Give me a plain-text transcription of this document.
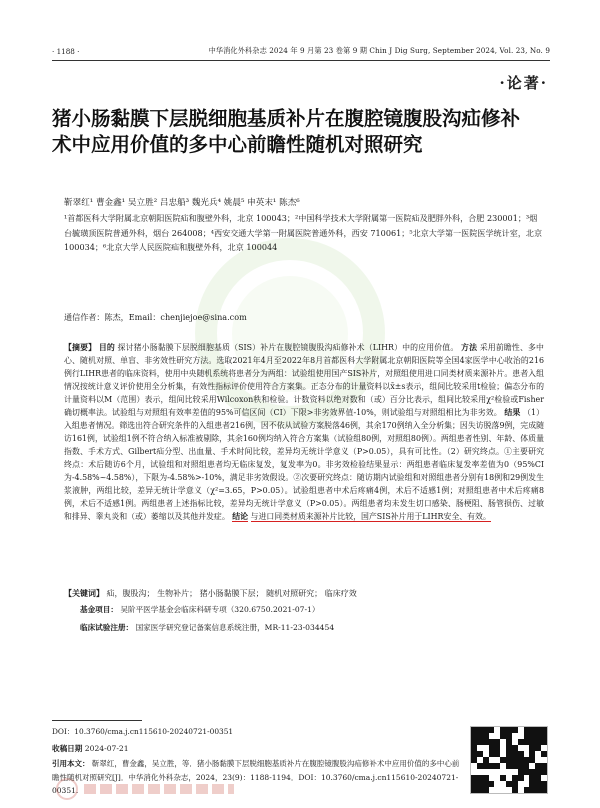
· 1188 ·	中华消化外科杂志 2024 年 9 月第 23 卷第 9 期 Chin J Dig Surg, September 2024, Vol. 23, No. 9
·论著·
猪小肠黏膜下层脱细胞基质补片在腹腔镜腹股沟疝修补术中应用价值的多中心前瞻性随机对照研究
靳翠红¹ 曹金鑫¹ 吴立胜² 吕忠船³ 魏光兵⁴ 姚晨⁵ 申英末¹ 陈杰⁶
¹首都医科大学附属北京朝阳医院疝和腹壁外科，北京 100043；²中国科学技术大学附属第一医院疝及肥胖外科，合肥 230001；³烟台毓璜顶医院普通外科，烟台 264008；⁴西安交通大学第一附属医院普通外科，西安 710061；⁵北京大学第一医院医学统计室，北京 100034；⁶北京大学人民医院疝和腹壁外科，北京 100044
通信作者：陈杰，Email：chenjiejoe@sina.com
【摘要】 目的 探讨猪小肠黏膜下层脱细胞基质（SIS）补片在腹腔镜腹股沟疝修补术（LIHR）中的应用价值。 方法 采用前瞻性、多中心、随机对照、单盲、非劣效性研究方法。选取2021年4月至2022年8月首都医科大学附属北京朝阳医院等全国4家医学中心收治的216例行LIHR患者的临床资料，使用中央随机系统将患者分为两组：试验组使用国产SIS补片，对照组使用进口同类材质来源补片。患者入组情况按统计意义评价使用全分析集，有效性指标评价使用符合方案集。正态分布的计量资料以x̄±s表示，组间比较采用t检验；偏态分布的计量资料以M（范围）表示，组间比较采用Wilcoxon秩和检验。计数资料以绝对数和（或）百分比表示，组间比较采用χ²检验或Fisher确切概率法。试验组与对照组有效率差值的95%可信区间（CI）下限>非劣效界值-10%，则试验组与对照组相比为非劣效。 结果 （1）入组患者情况。筛选出符合研究条件的入组患者216例，因不依从试验方案脱落46例，其余170例纳入全分析集；因失访脱落9例，完成随访161例，试验组1例不符合纳入标准被剔除，其余160例均纳入符合方案集（试验组80例，对照组80例）。两组患者性别、年龄、体质量指数、手术方式、Gilbert疝分型、出血量、手术时间比较，差异均无统计学意义（P>0.05），具有可比性。（2）研究终点。①主要研究终点：术后随访6个月，试验组和对照组患者均无临床复发，复发率为0。非劣效检验结果显示：两组患者临床复发率差值为0（95%CI为-4.58%~4.58%），下限为-4.58%>-10%，满足非劣效假设。②次要研究终点：随访期内试验组和对照组患者分别有18例和29例发生浆液肿，两组比较，差异无统计学意义（χ²=3.65，P>0.05）。试验组患者中术后疼痛4例，术后不适感1例；对照组患者中术后疼痛8例，术后不适感1例。两组患者上述指标比较，差异均无统计学意义（P>0.05）。两组患者均未发生切口感染、肠梗阻、肠管损伤、过敏和排异、睾丸炎和（或）萎缩以及其他并发症。 结论 与进口同类材质来源补片比较，国产SIS补片用于LIHR安全、有效。
【关键词】 疝，腹股沟； 生物补片； 猪小肠黏膜下层； 随机对照研究； 临床疗效
基金项目： 吴阶平医学基金会临床科研专项（320.6750.2021-07-1）
临床试验注册： 国家医学研究登记备案信息系统注册，MR-11-23-034454
DOI：10.3760/cma.j.cn115610-20240721-00351
收稿日期 2024-07-21
引用本文： 靳翠红，曹金鑫，吴立胜，等．猪小肠黏膜下层脱细胞基质补片在腹腔镜腹股沟疝修补术中应用价值的多中心前瞻性随机对照研究[J]．中华消化外科杂志，2024，23(9)：1188-1194．DOI：10.3760/cma.j.cn115610-20240721-00351.
